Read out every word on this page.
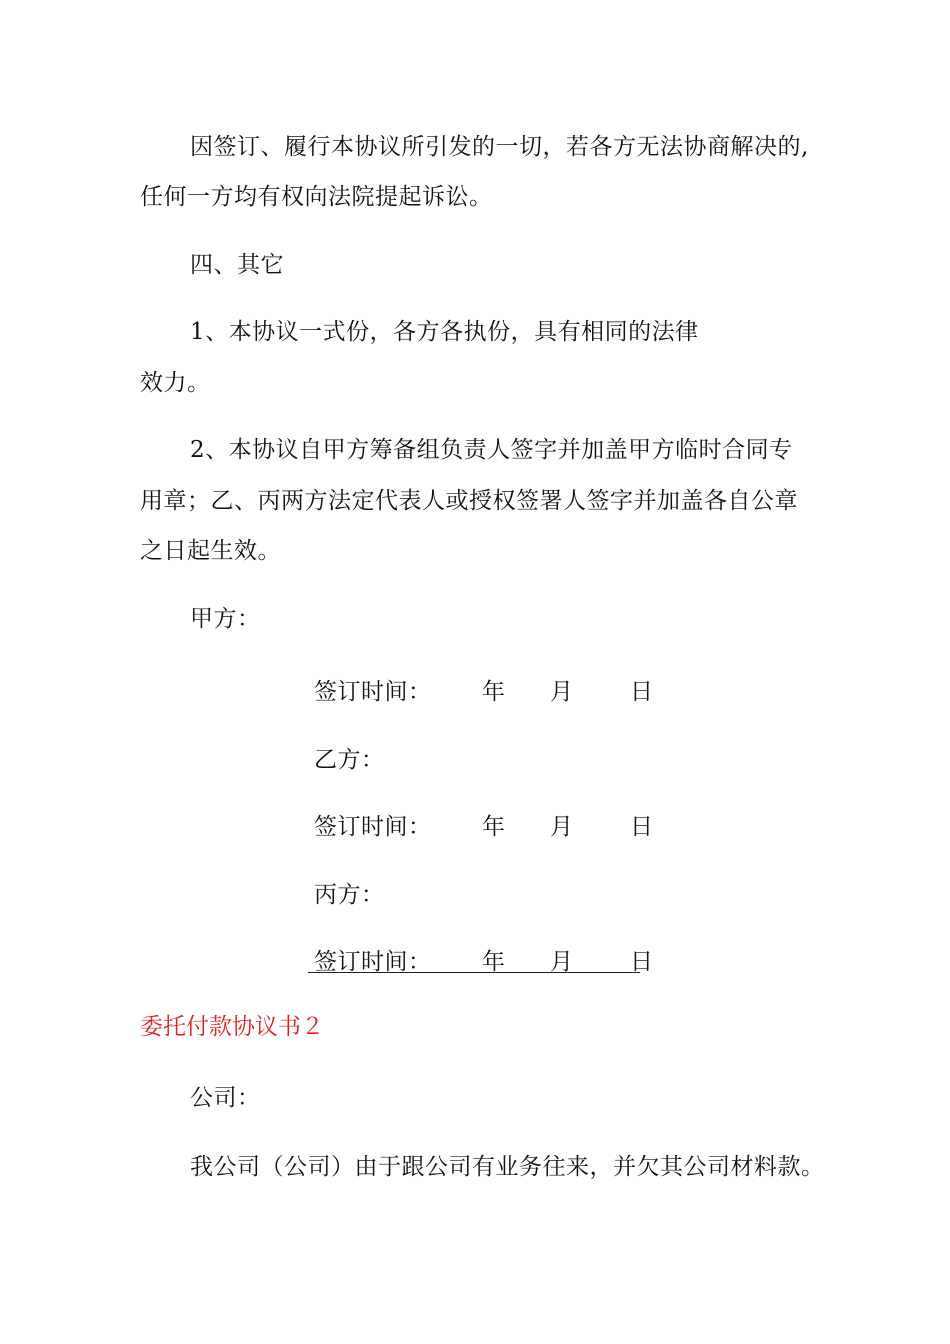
因签订、履行本协议所引发的一切，若各方无法协商解决的,
任何一方均有权向法院提起诉讼。
四、其它
1、本协议一式份，各方各执份，具有相同的法律
效力。
2、本协议自甲方筹备组负责人签字并加盖甲方临时合同专
用章；乙、丙两方法定代表人或授权签署人签字并加盖各自公章
之日起生效。
甲方：
签订时间： 年 月 日
乙方：
签订时间： 年 月 日
丙方：
签订时间： 年 月 日
委托付款协议书２
公司：
我公司（公司）由于跟公司有业务往来，并欠其公司材料款。
